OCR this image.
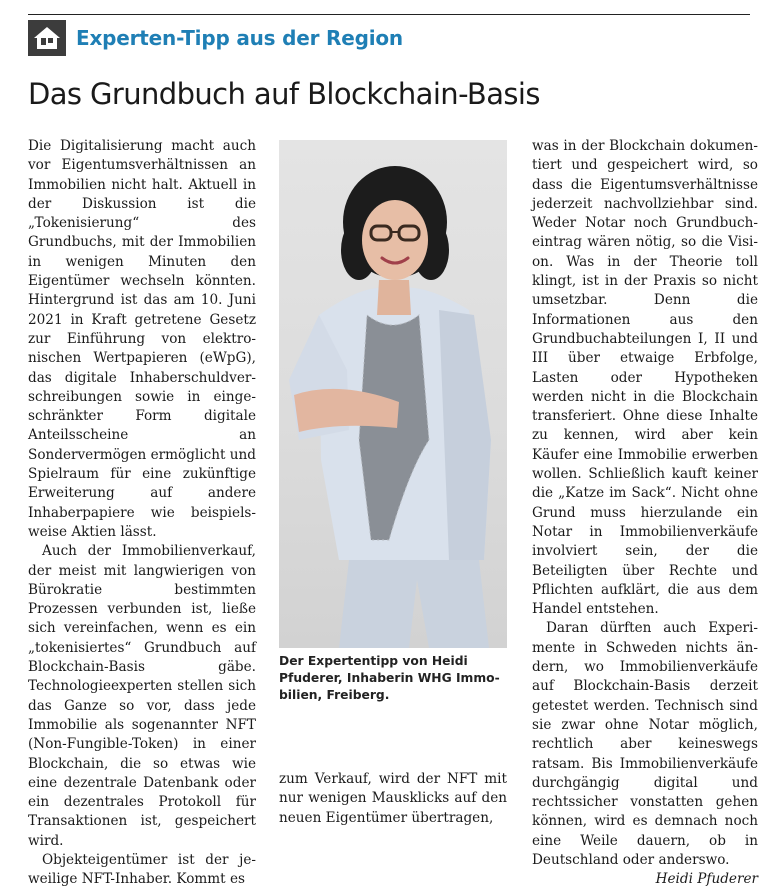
Experten-Tipp aus der Region
Das Grundbuch auf Blockchain-Basis

Die Digitalisierung macht auch vor Eigentumsverhältnissen an Immobilien nicht halt. Aktuell in der Diskussion ist die „Tokenisierung“ des Grundbuchs, mit der Immobilien in wenigen Minuten den Eigentümer wechseln könnten. Hintergrund ist das am 10. Juni 2021 in Kraft getretene Gesetz zur Einführung von elektronischen Wertpapieren (eWpG), das digitale Inhaberschuldverschreibungen sowie in eingeschränkter Form digitale Anteilsscheine an Sondervermögen ermöglicht und Spielraum für eine zukünftige Erweiterung auf andere Inhaberpapiere wie beispielsweise Aktien lässt.

Auch der Immobilienverkauf, der meist mit langwierigen von Bürokratie bestimmten Prozessen verbunden ist, ließe sich vereinfachen, wenn es ein „tokenisiertes“ Grundbuch auf Blockchain-Basis gäbe. Technologieexperten stellen sich das Ganze so vor, dass jede Immobilie als sogenannter NFT (Non-Fungible-Token) in einer Blockchain, die so etwas wie eine dezentrale Datenbank oder ein dezentrales Protokoll für Transaktionen ist, gespeichert wird.

Objekteigentümer ist der jeweilige NFT-Inhaber. Kommt es

Der Expertentipp von Heidi Pfuderer, Inhaberin WHG Immobilien, Freiberg.

zum Verkauf, wird der NFT mit nur wenigen Mausklicks auf den neuen Eigentümer übertragen,

was in der Blockchain dokumentiert und gespeichert wird, so dass die Eigentumsverhältnisse jederzeit nachvollziehbar sind. Weder Notar noch Grundbucheintrag wären nötig, so die Vision. Was in der Theorie toll klingt, ist in der Praxis so nicht umsetzbar. Denn die Informationen aus den Grundbuchabteilungen I, II und III über etwaige Erbfolge, Lasten oder Hypotheken werden nicht in die Blockchain transferiert. Ohne diese Inhalte zu kennen, wird aber kein Käufer eine Immobilie erwerben wollen. Schließlich kauft keiner die „Katze im Sack“. Nicht ohne Grund muss hierzulande ein Notar in Immobilienverkäufe involviert sein, der die Beteiligten über Rechte und Pflichten aufklärt, die aus dem Handel entstehen.

Daran dürften auch Experimente in Schweden nichts ändern, wo Immobilienverkäufe auf Blockchain-Basis derzeit getestet werden. Technisch sind sie zwar ohne Notar möglich, rechtlich aber keineswegs ratsam. Bis Immobilienverkäufe durchgängig digital und rechtssicher vonstatten gehen können, wird es demnach noch eine Weile dauern, ob in Deutschland oder anderswo.

Heidi Pfuderer
